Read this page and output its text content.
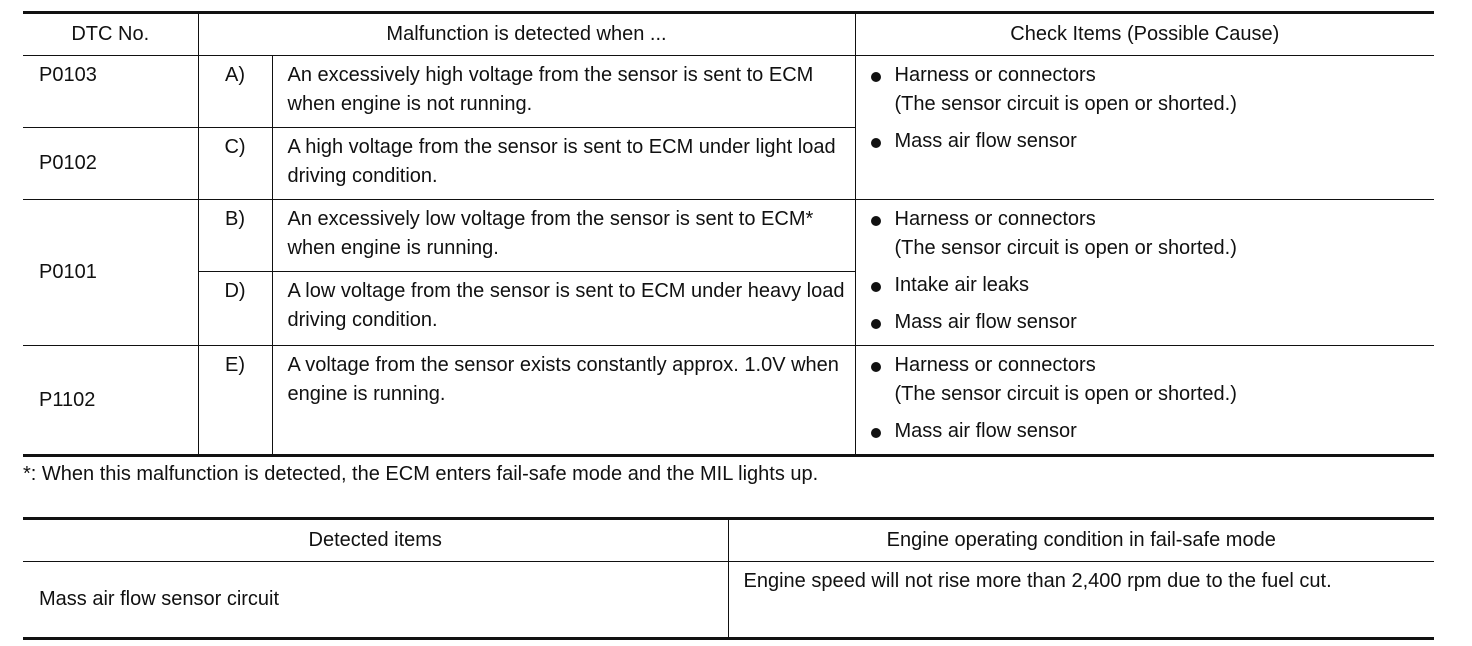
DTC No.	Malfunction is detected when ...		Check Items (Possible Cause)
P0103	A)	An excessively high voltage from the sensor is sent to ECM when engine is not running.	Harness or connectors
(The sensor circuit is open or shorted.)
Mass air flow sensor

P0102	C)	A high voltage from the sensor is sent to ECM under light load driving condition.	
P0101	B)	An excessively low voltage from the sensor is sent to ECM* when engine is running.	Harness or connectors
(The sensor circuit is open or shorted.)
Intake air leaks
Mass air flow sensor

	D)	A low voltage from the sensor is sent to ECM under heavy load driving condition.	
P1102	E)	A voltage from the sensor exists constantly approx. 1.0V when engine is running.	Harness or connectors
(The sensor circuit is open or shorted.)
Mass air flow sensor

*: When this malfunction is detected, the ECM enters fail-safe mode and the MIL lights up.

Detected items	Engine operating condition in fail-safe mode
Mass air flow sensor circuit	Engine speed will not rise more than 2,400 rpm due to the fuel cut.
